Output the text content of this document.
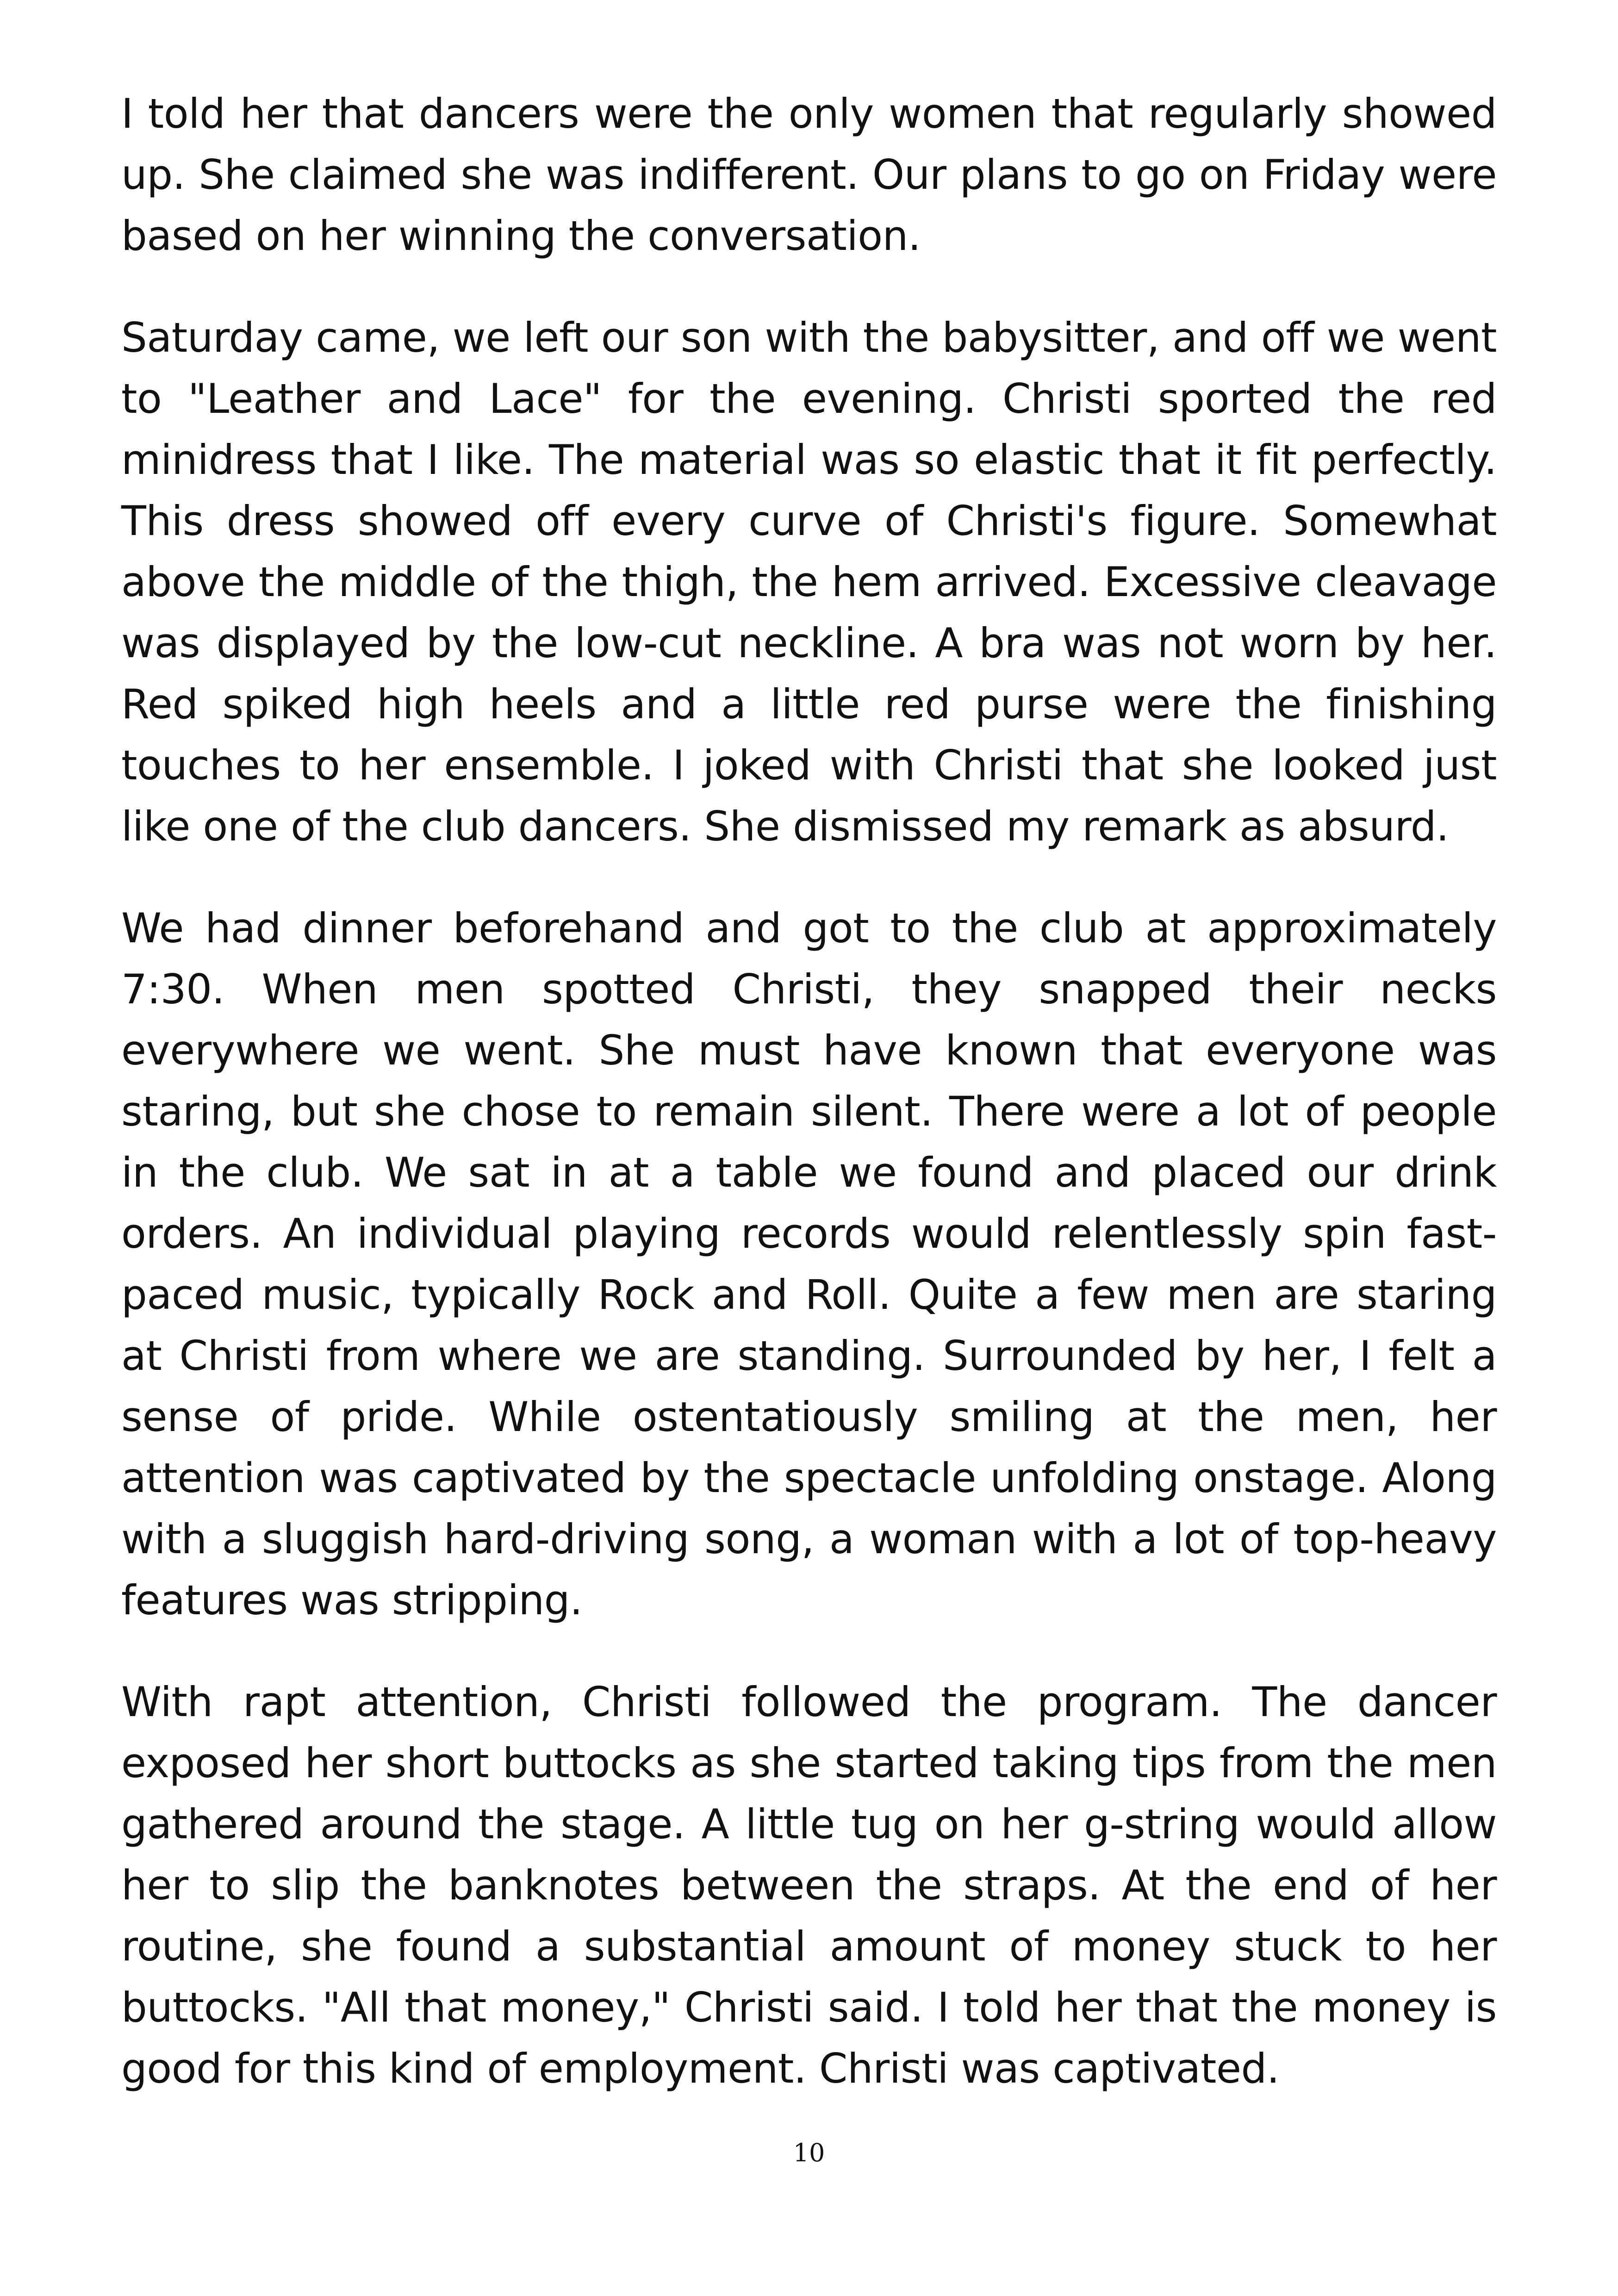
I told her that dancers were the only women that regularly showed up. She claimed she was indifferent. Our plans to go on Friday were based on her winning the conversation.

Saturday came, we left our son with the babysitter, and off we went to "Leather and Lace" for the evening. Christi sported the red minidress that I like. The material was so elastic that it fit perfectly. This dress showed off every curve of Christi's figure. Somewhat above the middle of the thigh, the hem arrived. Excessive cleavage was displayed by the low-cut neckline. A bra was not worn by her. Red spiked high heels and a little red purse were the finishing touches to her ensemble. I joked with Christi that she looked just like one of the club dancers. She dismissed my remark as absurd.

We had dinner beforehand and got to the club at approximately 7:30. When men spotted Christi, they snapped their necks everywhere we went. She must have known that everyone was staring, but she chose to remain silent. There were a lot of people in the club. We sat in at a table we found and placed our drink orders. An individual playing records would relentlessly spin fast-paced music, typically Rock and Roll. Quite a few men are staring at Christi from where we are standing. Surrounded by her, I felt a sense of pride. While ostentatiously smiling at the men, her attention was captivated by the spectacle unfolding onstage. Along with a sluggish hard-driving song, a woman with a lot of top-heavy features was stripping.

With rapt attention, Christi followed the program. The dancer exposed her short buttocks as she started taking tips from the men gathered around the stage. A little tug on her g-string would allow her to slip the banknotes between the straps. At the end of her routine, she found a substantial amount of money stuck to her buttocks. "All that money," Christi said. I told her that the money is good for this kind of employment. Christi was captivated.

10
